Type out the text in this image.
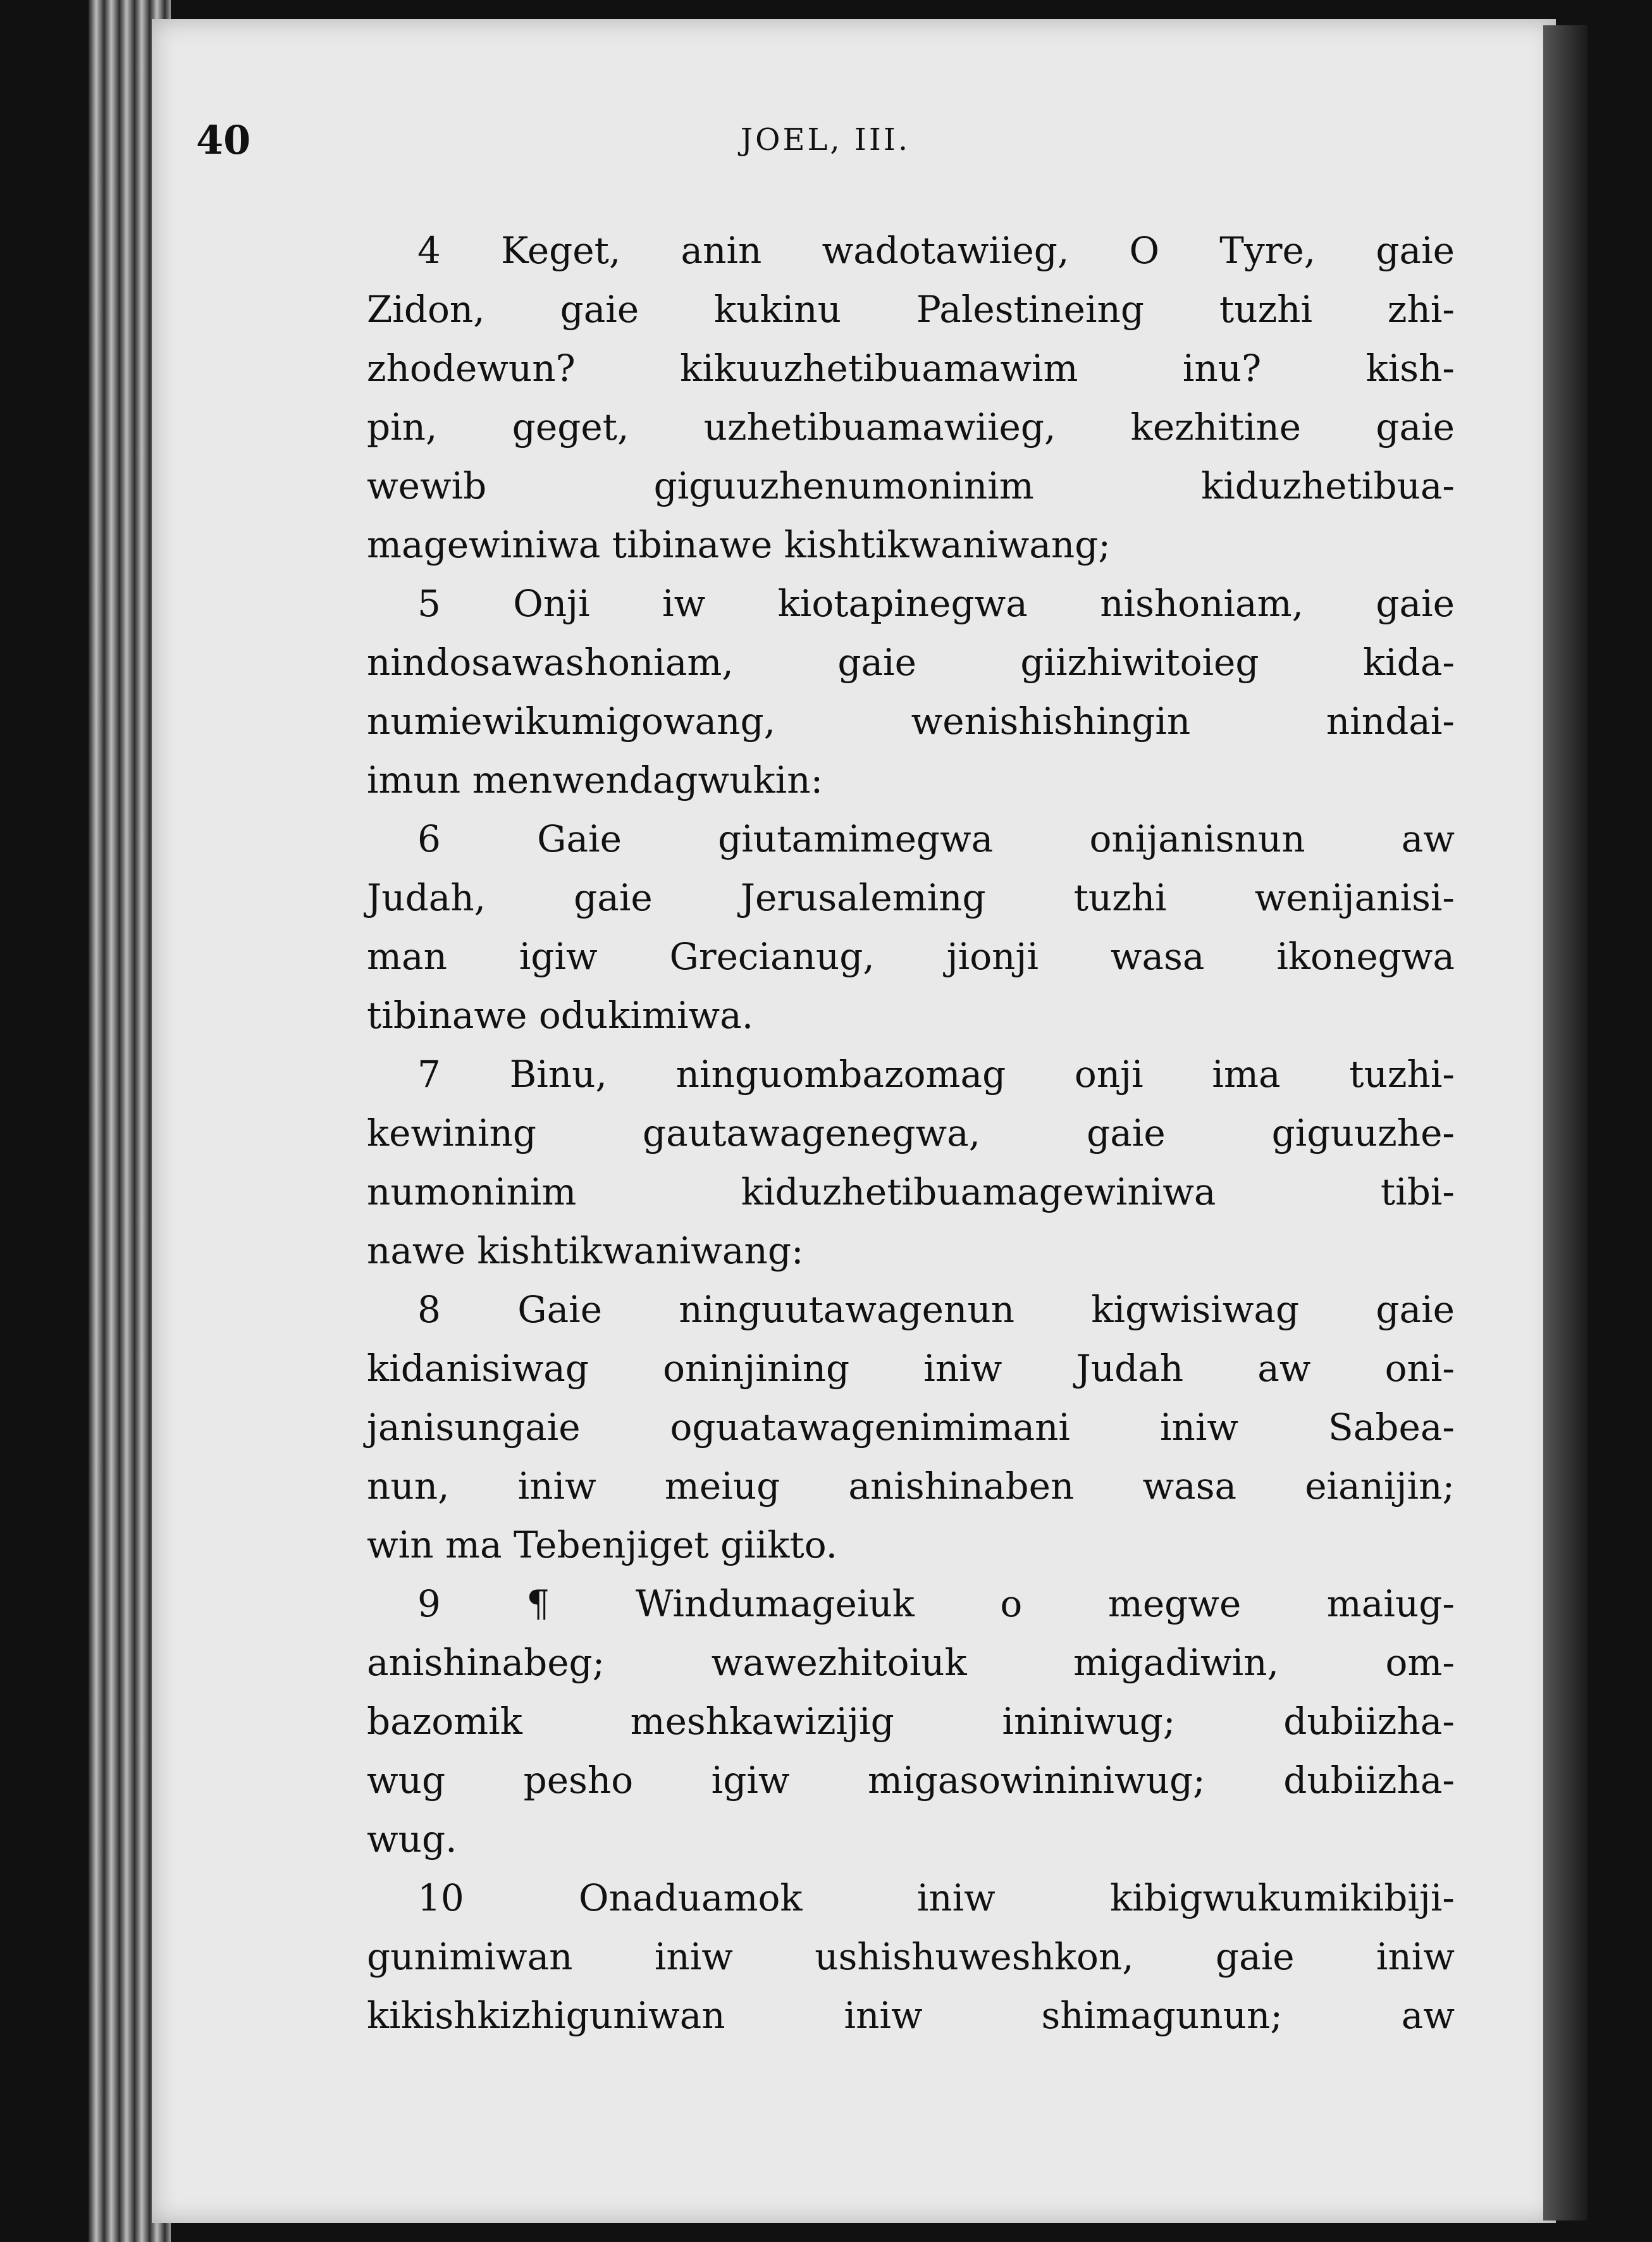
40	JOEL, III.
4 Keget, anin wadotawiieg, O Tyre, gaie
Zidon, gaie kukinu Palestineing tuzhi zhi-
zhodewun? kikuuzhetibuamawim inu? kish-
pin, geget, uzhetibuamawiieg, kezhitine gaie
wewib giguuzhenumoninim kiduzhetibua-
magewiniwa tibinawe kishtikwaniwang;
5 Onji iw kiotapinegwa nishoniam, gaie
nindosawashoniam, gaie giizhiwitoieg kida-
numiewikumigowang, wenishishingin nindai-
imun menwendagwukin:
6 Gaie giutamimegwa onijanisnun aw
Judah, gaie Jerusaleming tuzhi wenijanisi-
man igiw Grecianug, jionji wasa ikonegwa
tibinawe odukimiwa.
7 Binu, ninguombazomag onji ima tuzhi-
kewining gautawagenegwa, gaie giguuzhe-
numoninim kiduzhetibuamagewiniwa tibi-
nawe kishtikwaniwang:
8 Gaie ninguutawagenun kigwisiwag gaie
kidanisiwag oninjining iniw Judah aw oni-
janisungaie oguatawagenimimani iniw Sabea-
nun, iniw meiug anishinaben wasa eianijin;
win ma Tebenjiget giikto.
9 ¶ Windumageiuk o megwe maiug-
anishinabeg; wawezhitoiuk migadiwin, om-
bazomik meshkawizijig ininiwug; dubiizha-
wug pesho igiw migasowininiwug; dubiizha-
wug.
10 Onaduamok iniw kibigwukumikibiji-
gunimiwan iniw ushishuweshkon, gaie iniw
kikishkizhiguniwan iniw shimagunun; aw
